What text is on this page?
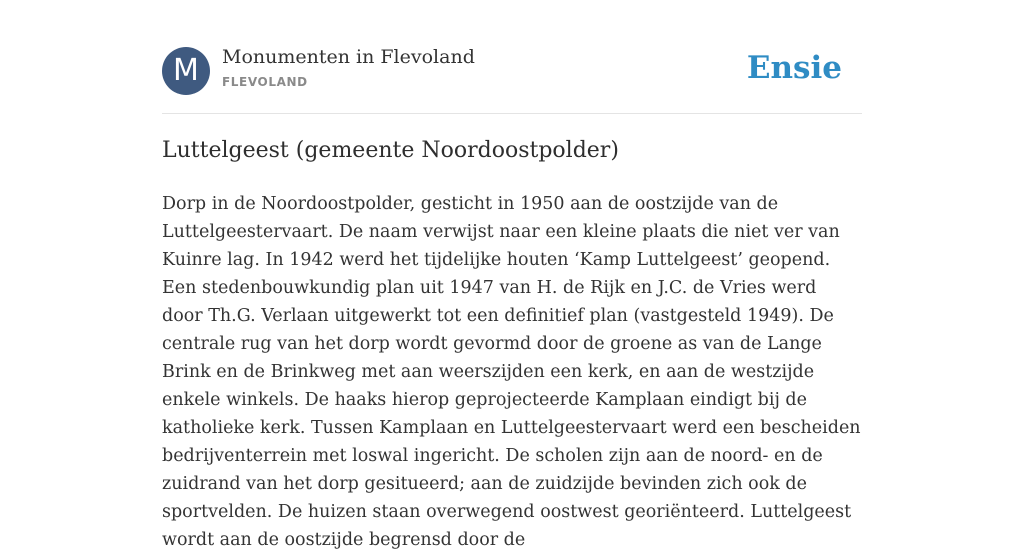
M	Monumenten in Flevoland
FLEVOLAND	Ensie
Luttelgeest (gemeente Noordoostpolder)

Dorp in de Noordoostpolder, gesticht in 1950 aan de oostzijde van de Luttelgeestervaart. De naam verwijst naar een kleine plaats die niet ver van Kuinre lag. In 1942 werd het tijdelijke houten ‘Kamp Luttelgeest’ geopend. Een stedenbouwkundig plan uit 1947 van H. de Rijk en J.C. de Vries werd door Th.G. Verlaan uitgewerkt tot een definitief plan (vastgesteld 1949). De centrale rug van het dorp wordt gevormd door de groene as van de Lange Brink en de Brinkweg met aan weerszijden een kerk, en aan de westzijde enkele winkels. De haaks hierop geprojecteerde Kamplaan eindigt bij de katholieke kerk. Tussen Kamplaan en Luttelgeestervaart werd een bescheiden bedrijventerrein met loswal ingericht. De scholen zijn aan de noord- en de zuidrand van het dorp gesitueerd; aan de zuidzijde bevinden zich ook de sportvelden. De huizen staan overwegend oostwest georiënteerd. Luttelgeest wordt aan de oostzijde begrensd door de
